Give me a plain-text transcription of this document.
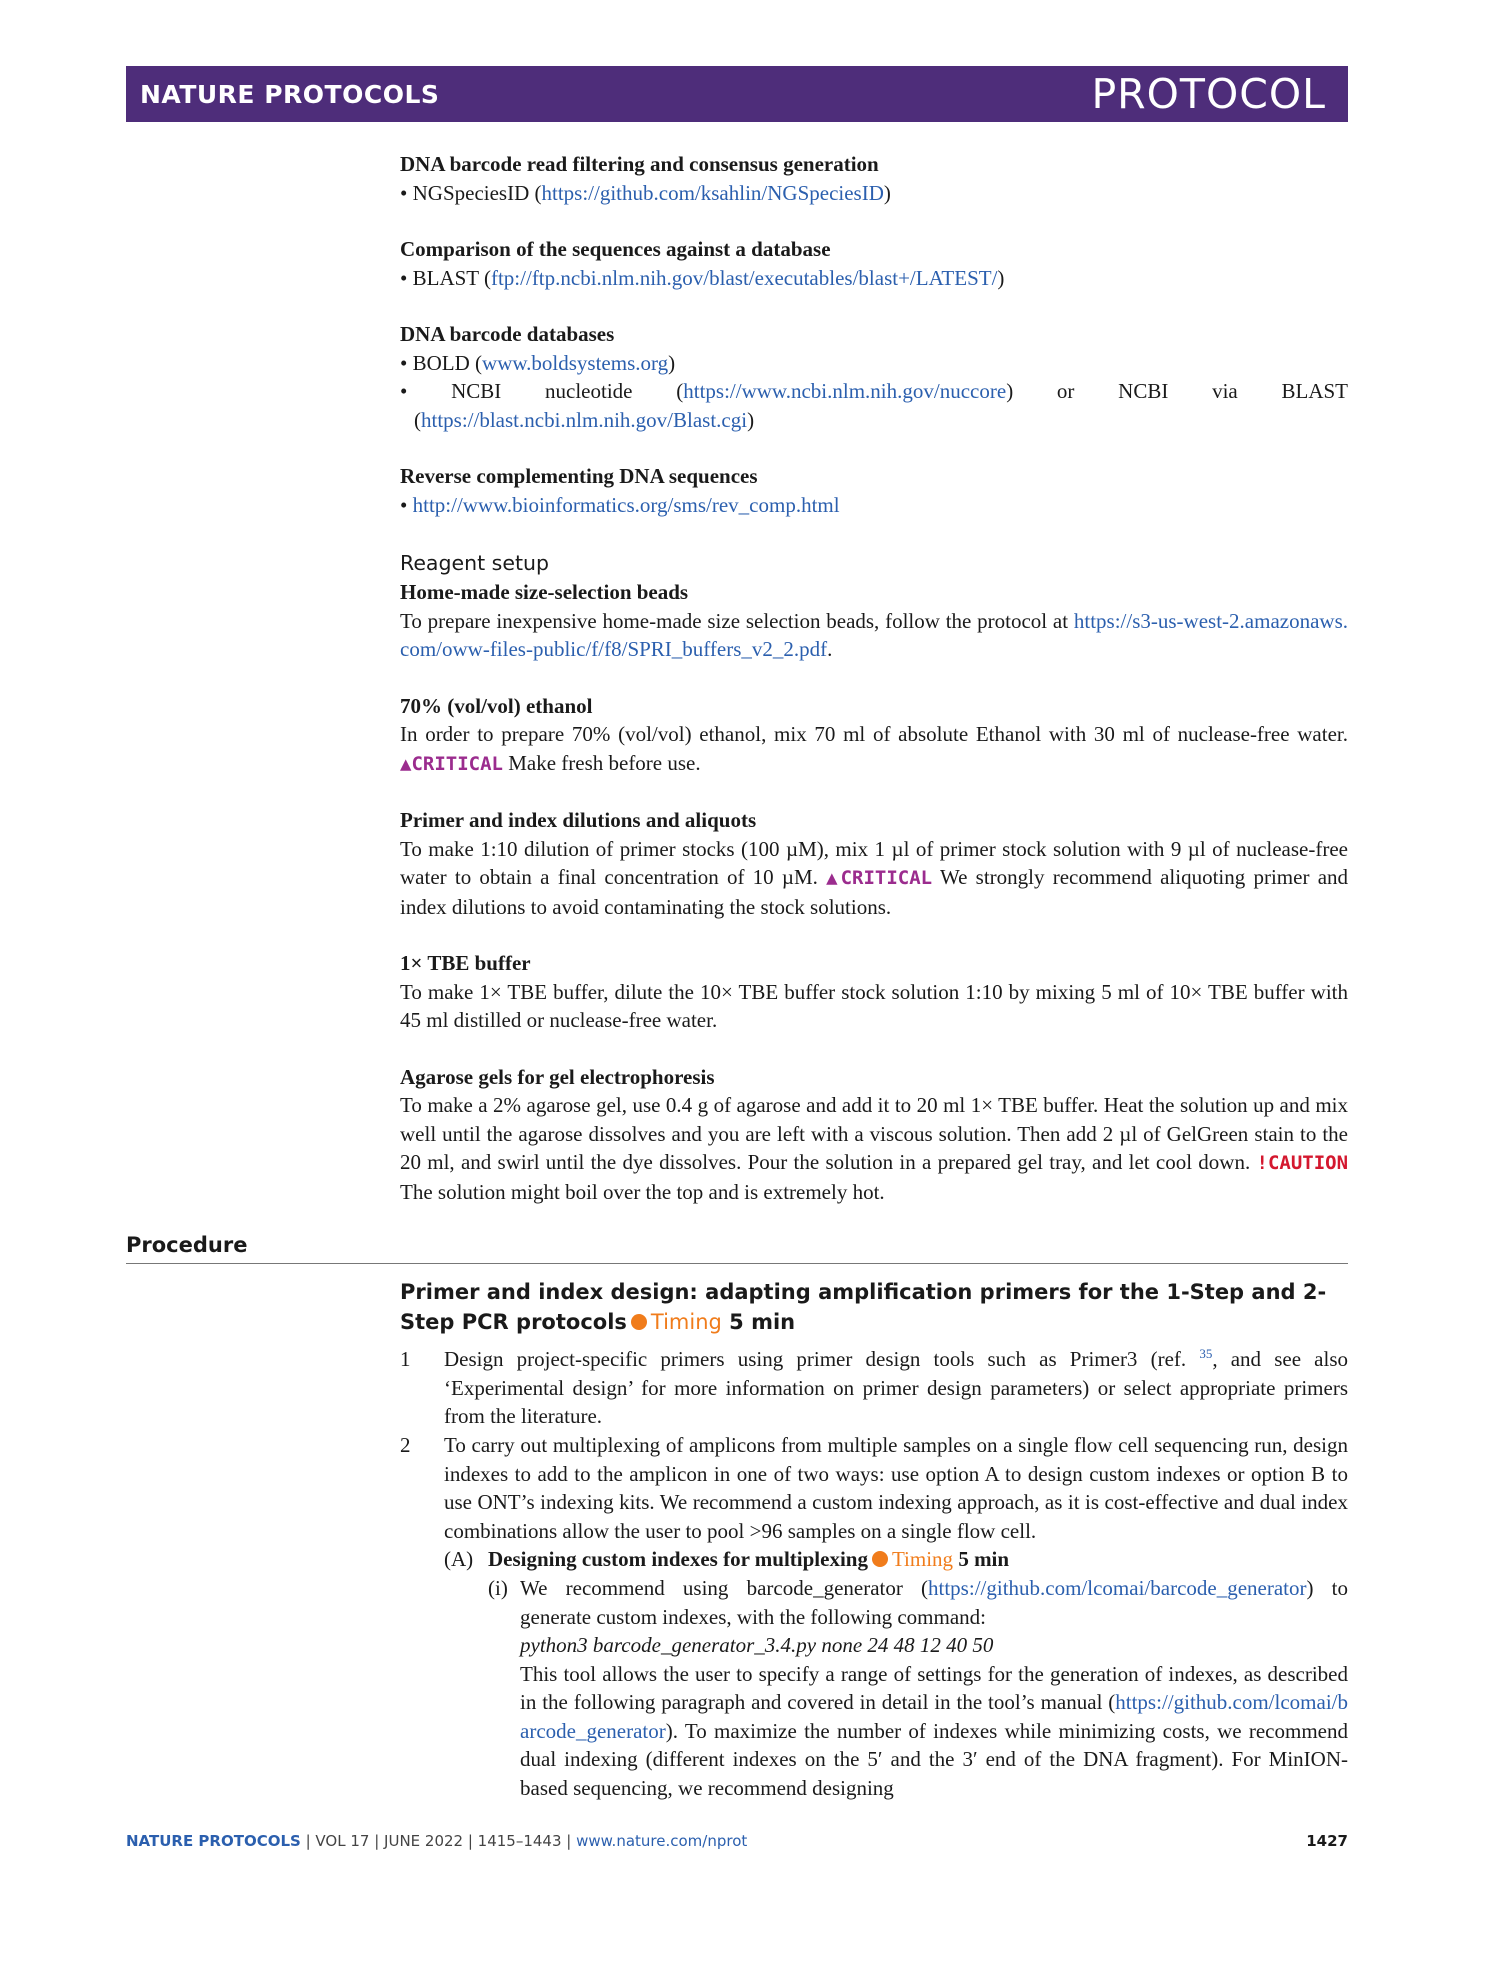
NATURE PROTOCOLS	PROTOCOL
DNA barcode read filtering and consensus generation
• NGSpeciesID (https://github.com/ksahlin/NGSpeciesID)
Comparison of the sequences against a database
• BLAST (ftp://ftp.ncbi.nlm.nih.gov/blast/executables/blast+/LATEST/)
DNA barcode databases
• BOLD (www.boldsystems.org)
• NCBI nucleotide (https://www.ncbi.nlm.nih.gov/nuccore) or NCBI via BLAST (https://blast.ncbi.nlm.nih.gov/Blast.cgi)
Reverse complementing DNA sequences
• http://www.bioinformatics.org/sms/rev_comp.html
Reagent setup
Home-made size-selection beads
To prepare inexpensive home-made size selection beads, follow the protocol at https://s3-us-west-2.amazonaws.com/oww-files-public/f/f8/SPRI_buffers_v2_2.pdf.
70% (vol/vol) ethanol
In order to prepare 70% (vol/vol) ethanol, mix 70 ml of absolute Ethanol with 30 ml of nuclease-free water. ▲CRITICAL Make fresh before use.
Primer and index dilutions and aliquots
To make 1:10 dilution of primer stocks (100 µM), mix 1 µl of primer stock solution with 9 µl of nuclease-free water to obtain a final concentration of 10 µM. ▲CRITICAL We strongly recommend aliquoting primer and index dilutions to avoid contaminating the stock solutions.
1× TBE buffer
To make 1× TBE buffer, dilute the 10× TBE buffer stock solution 1:10 by mixing 5 ml of 10× TBE buffer with 45 ml distilled or nuclease-free water.
Agarose gels for gel electrophoresis
To make a 2% agarose gel, use 0.4 g of agarose and add it to 20 ml 1× TBE buffer. Heat the solution up and mix well until the agarose dissolves and you are left with a viscous solution. Then add 2 µl of GelGreen stain to the 20 ml, and swirl until the dye dissolves. Pour the solution in a prepared gel tray, and let cool down. !CAUTION The solution might boil over the top and is extremely hot.
Procedure
Primer and index design: adapting amplification primers for the 1-Step and 2-Step PCR protocols Timing 5 min
1 Design project-specific primers using primer design tools such as Primer3 (ref. $^{35}$, and see also ‘Experimental design’ for more information on primer design parameters) or select appropriate primers from the literature.
2 To carry out multiplexing of amplicons from multiple samples on a single flow cell sequencing run, design indexes to add to the amplicon in one of two ways: use option A to design custom indexes or option B to use ONT’s indexing kits. We recommend a custom indexing approach, as it is cost-effective and dual index combinations allow the user to pool >96 samples on a single flow cell.
(A) Designing custom indexes for multiplexing Timing 5 min
(i) We recommend using barcode_generator (https://github.com/lcomai/barcode_generator) to generate custom indexes, with the following command:
python3 barcode_generator_3.4.py none 24 48 12 40 50
This tool allows the user to specify a range of settings for the generation of indexes, as described in the following paragraph and covered in detail in the tool’s manual (https://github.com/lcomai/barcode_generator). To maximize the number of indexes while minimizing costs, we recommend dual indexing (different indexes on the 5′ and the 3′ end of the DNA fragment). For MinION-based sequencing, we recommend designing
NATURE PROTOCOLS | VOL 17 | JUNE 2022 | 1415–1443 | www.nature.com/nprot	1427
